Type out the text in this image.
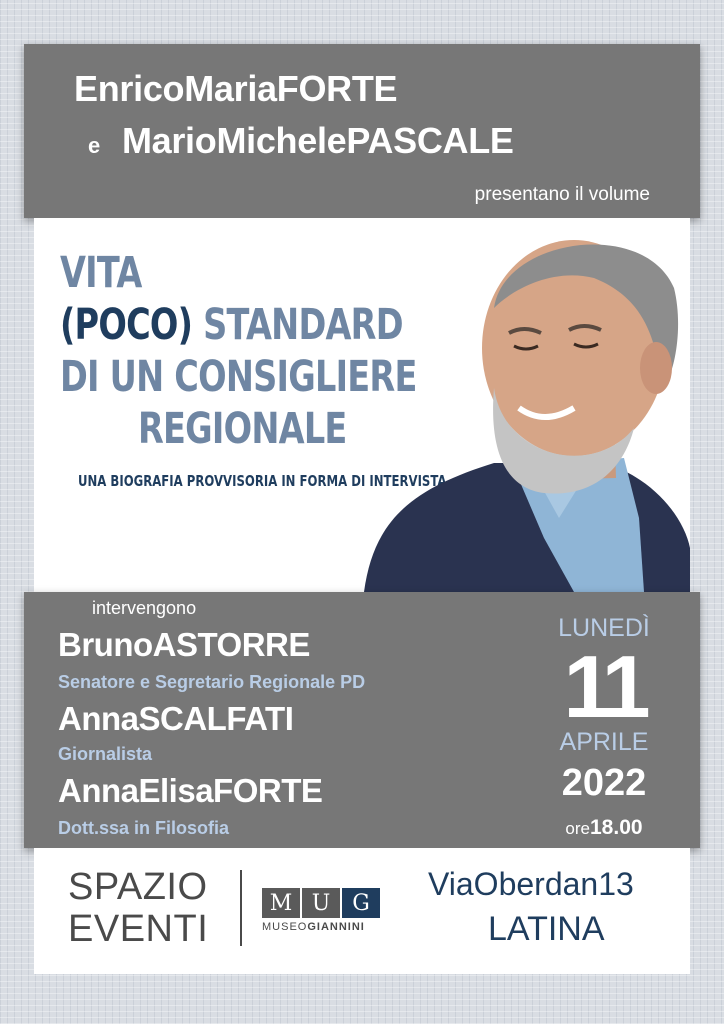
EnricoMariaFORTE
e MarioMichelePASCALE
presentano il volume
VITA
(POCO) STANDARD
DI UN CONSIGLIERE
REGIONALE
UNA BIOGRAFIA PROVVISORIA IN FORMA DI INTERVISTA
intervengono
BrunoASTORRE
Senatore e Segretario Regionale PD
AnnaSCALFATI
Giornalista
AnnaElisaFORTE
Dott.ssa in Filosofia
LUNEDÌ
11
APRILE
2022
ore18.00
SPAZIO
EVENTI
M U G
MUSEOGIANNINI
ViaOberdan13
LATINA
